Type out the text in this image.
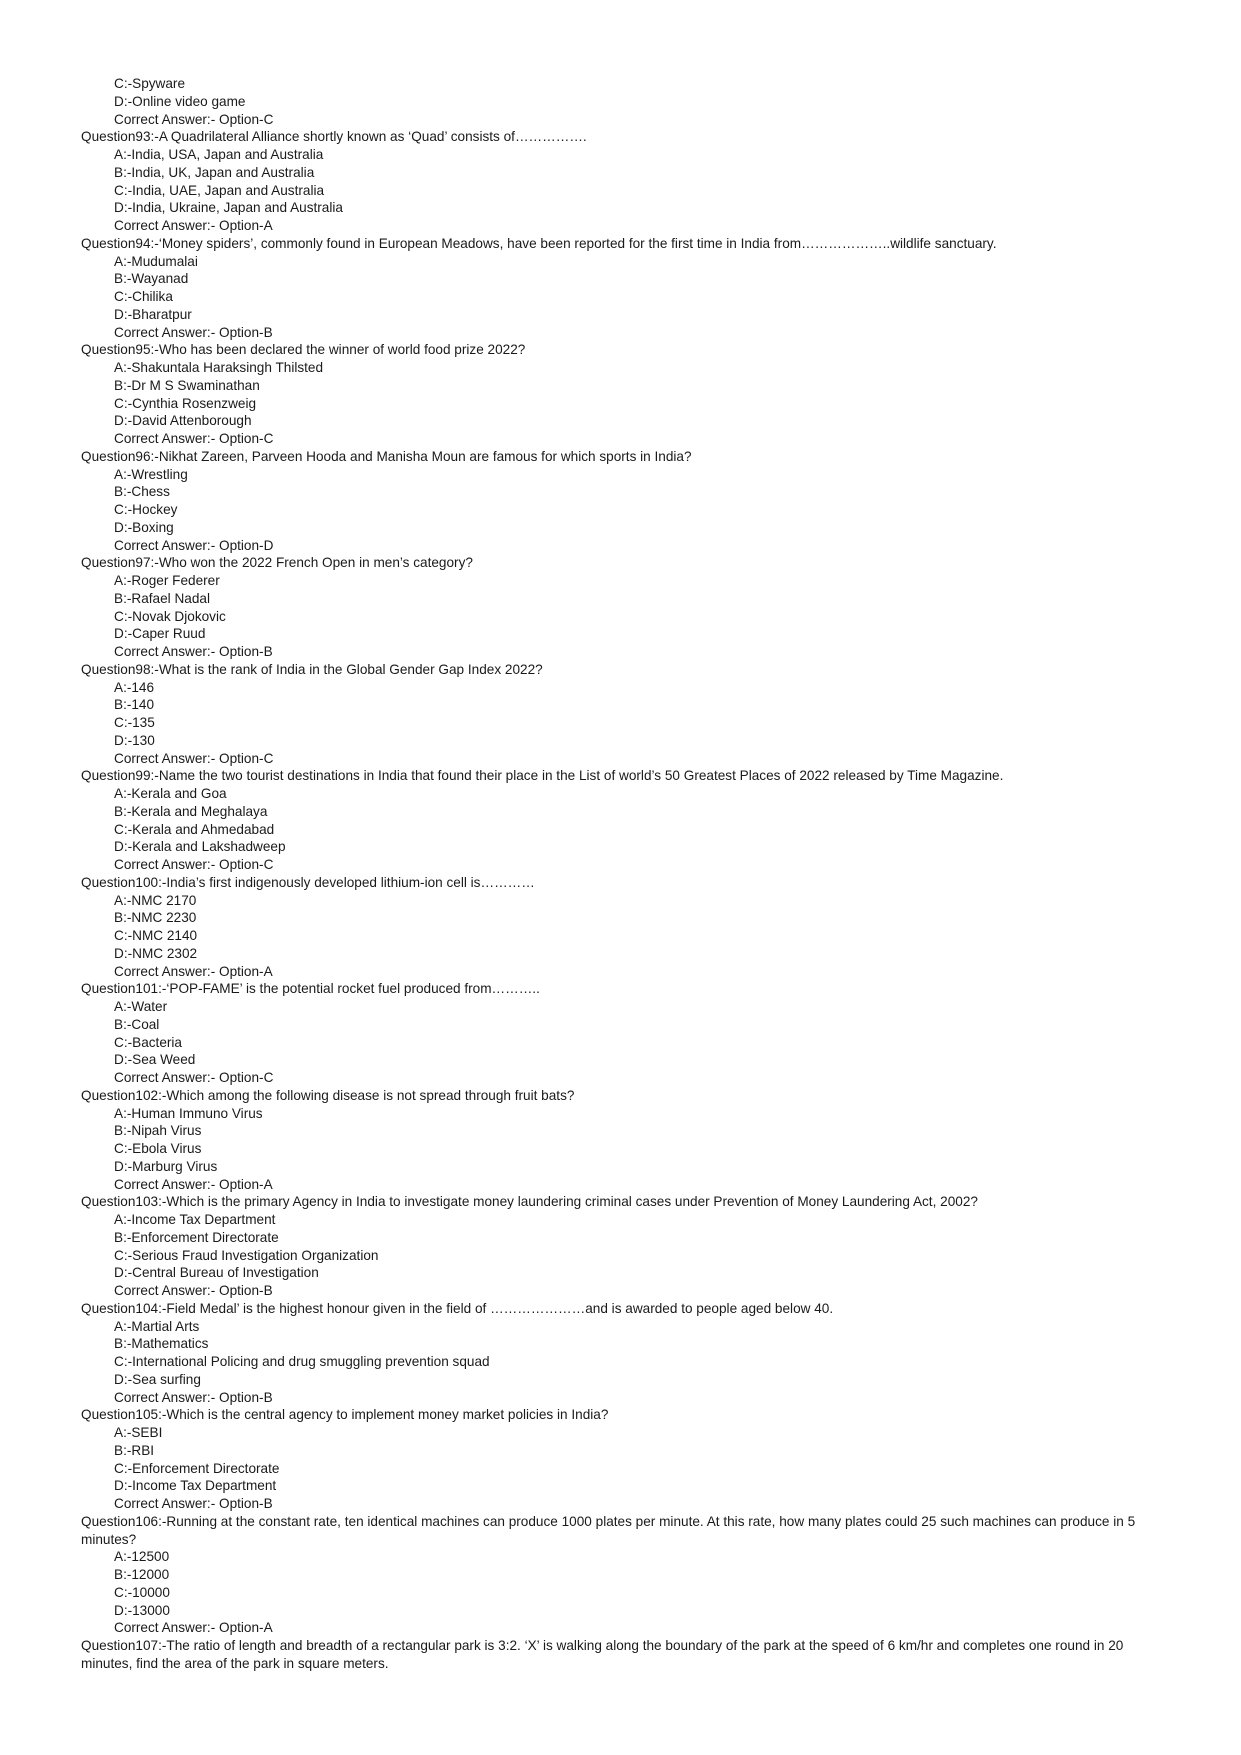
C:-Spyware
D:-Online video game
Correct Answer:- Option-C
Question93:-A Quadrilateral Alliance shortly known as ‘Quad’ consists of…………….
A:-India, USA, Japan and Australia
B:-India, UK, Japan and Australia
C:-India, UAE, Japan and Australia
D:-India, Ukraine, Japan and Australia
Correct Answer:- Option-A
Question94:-‘Money spiders’, commonly found in European Meadows, have been reported for the first time in India from………………..wildlife sanctuary.
A:-Mudumalai
B:-Wayanad
C:-Chilika
D:-Bharatpur
Correct Answer:- Option-B
Question95:-Who has been declared the winner of world food prize 2022?
A:-Shakuntala Haraksingh Thilsted
B:-Dr M S Swaminathan
C:-Cynthia Rosenzweig
D:-David Attenborough
Correct Answer:- Option-C
Question96:-Nikhat Zareen, Parveen Hooda and Manisha Moun are famous for which sports in India?
A:-Wrestling
B:-Chess
C:-Hockey
D:-Boxing
Correct Answer:- Option-D
Question97:-Who won the 2022 French Open in men’s category?
A:-Roger Federer
B:-Rafael Nadal
C:-Novak Djokovic
D:-Caper Ruud
Correct Answer:- Option-B
Question98:-What is the rank of India in the Global Gender Gap Index 2022?
A:-146
B:-140
C:-135
D:-130
Correct Answer:- Option-C
Question99:-Name the two tourist destinations in India that found their place in the List of world’s 50 Greatest Places of 2022 released by Time Magazine.
A:-Kerala and Goa
B:-Kerala and Meghalaya
C:-Kerala and Ahmedabad
D:-Kerala and Lakshadweep
Correct Answer:- Option-C
Question100:-India’s first indigenously developed lithium-ion cell is…………
A:-NMC 2170
B:-NMC 2230
C:-NMC 2140
D:-NMC 2302
Correct Answer:- Option-A
Question101:-‘POP-FAME’ is the potential rocket fuel produced from………..
A:-Water
B:-Coal
C:-Bacteria
D:-Sea Weed
Correct Answer:- Option-C
Question102:-Which among the following disease is not spread through fruit bats?
A:-Human Immuno Virus
B:-Nipah Virus
C:-Ebola Virus
D:-Marburg Virus
Correct Answer:- Option-A
Question103:-Which is the primary Agency in India to investigate money laundering criminal cases under Prevention of Money Laundering Act, 2002?
A:-Income Tax Department
B:-Enforcement Directorate
C:-Serious Fraud Investigation Organization
D:-Central Bureau of Investigation
Correct Answer:- Option-B
Question104:-Field Medal’ is the highest honour given in the field of …………………and is awarded to people aged below 40.
A:-Martial Arts
B:-Mathematics
C:-International Policing and drug smuggling prevention squad
D:-Sea surfing
Correct Answer:- Option-B
Question105:-Which is the central agency to implement money market policies in India?
A:-SEBI
B:-RBI
C:-Enforcement Directorate
D:-Income Tax Department
Correct Answer:- Option-B
Question106:-Running at the constant rate, ten identical machines can produce 1000 plates per minute. At this rate, how many plates could 25 such machines can produce in 5 minutes?
A:-12500
B:-12000
C:-10000
D:-13000
Correct Answer:- Option-A
Question107:-The ratio of length and breadth of a rectangular park is 3:2. ‘X’ is walking along the boundary of the park at the speed of 6 km/hr and completes one round in 20 minutes, find the area of the park in square meters.
